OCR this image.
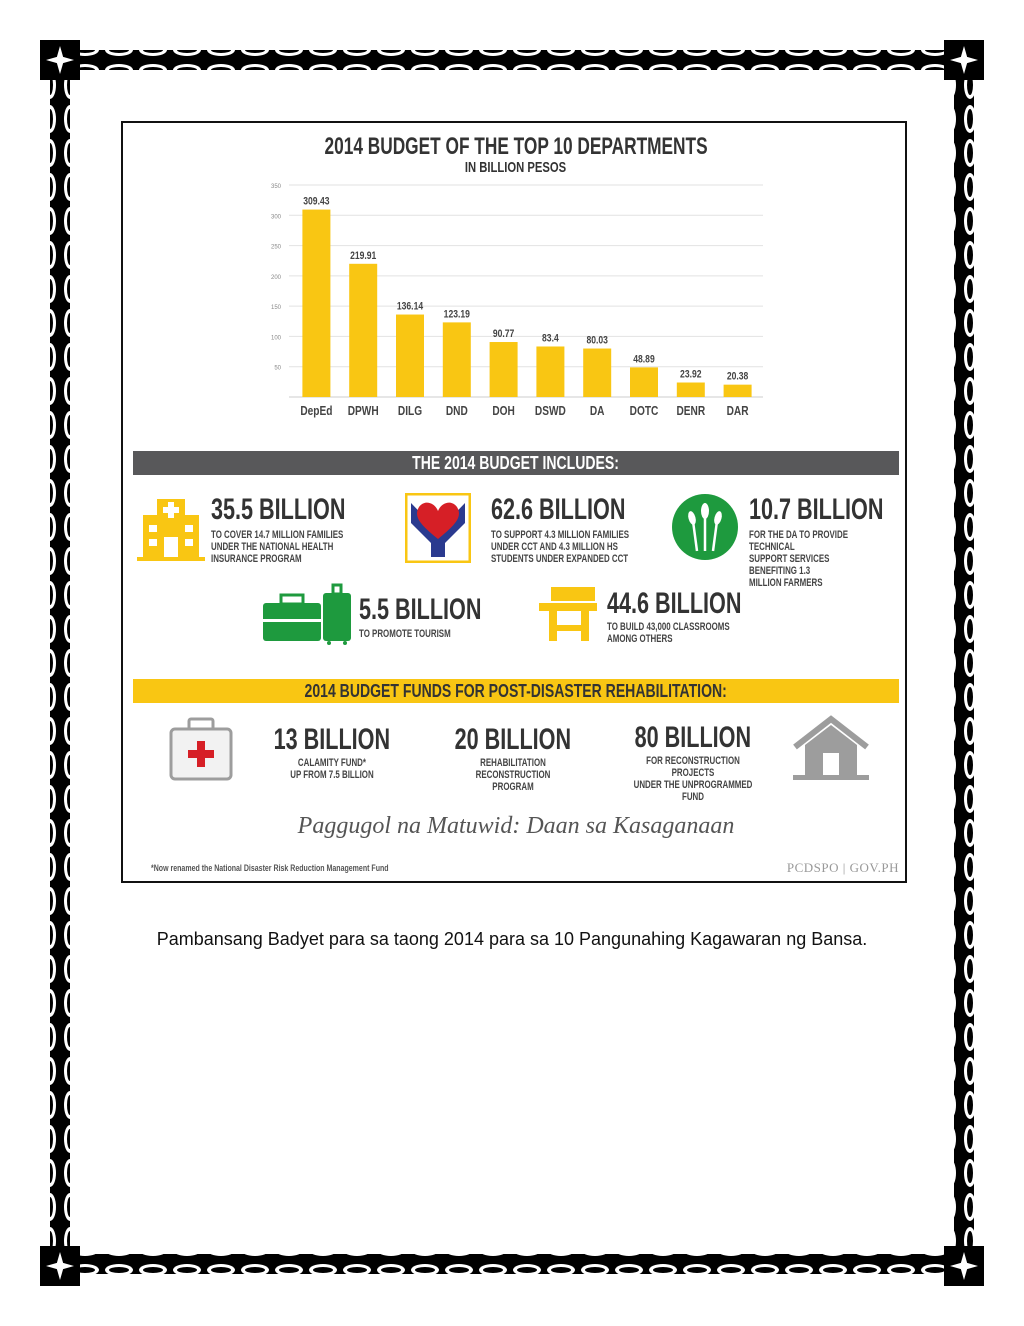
2014 BUDGET OF THE TOP 10 DEPARTMENTS
IN BILLION PESOS
350
300
250
200
150
100
50
309.43
DepEd
219.91
DPWH
136.14
DILG
123.19
DND
90.77
DOH
83.4
DSWD
80.03
DA
48.89
DOTC
23.92
DENR
20.38
DAR
THE 2014 BUDGET INCLUDES:
35.5 BILLION
TO COVER 14.7 MILLION FAMILIES
UNDER THE NATIONAL HEALTH
INSURANCE PROGRAM
62.6 BILLION
TO SUPPORT 4.3 MILLION FAMILIES
UNDER CCT AND 4.3 MILLION HS
STUDENTS UNDER EXPANDED CCT
10.7 BILLION
FOR THE DA TO PROVIDE TECHNICAL
SUPPORT SERVICES BENEFITING 1.3
MILLION FARMERS
5.5 BILLION
TO PROMOTE TOURISM
44.6 BILLION
TO BUILD 43,000 CLASSROOMS
AMONG OTHERS
2014 BUDGET FUNDS FOR POST-DISASTER REHABILITATION:
13 BILLION
CALAMITY FUND*
UP FROM 7.5 BILLION
20 BILLION
REHABILITATION RECONSTRUCTION
PROGRAM
80 BILLION
FOR RECONSTRUCTION PROJECTS
UNDER THE UNPROGRAMMED FUND
Paggugol na Matuwid: Daan sa Kasaganaan
*Now renamed the National Disaster Risk Reduction Management Fund	PCDSPO | GOV.PH
Pambansang Badyet para sa taong 2014 para sa 10 Pangunahing Kagawaran ng Bansa.
